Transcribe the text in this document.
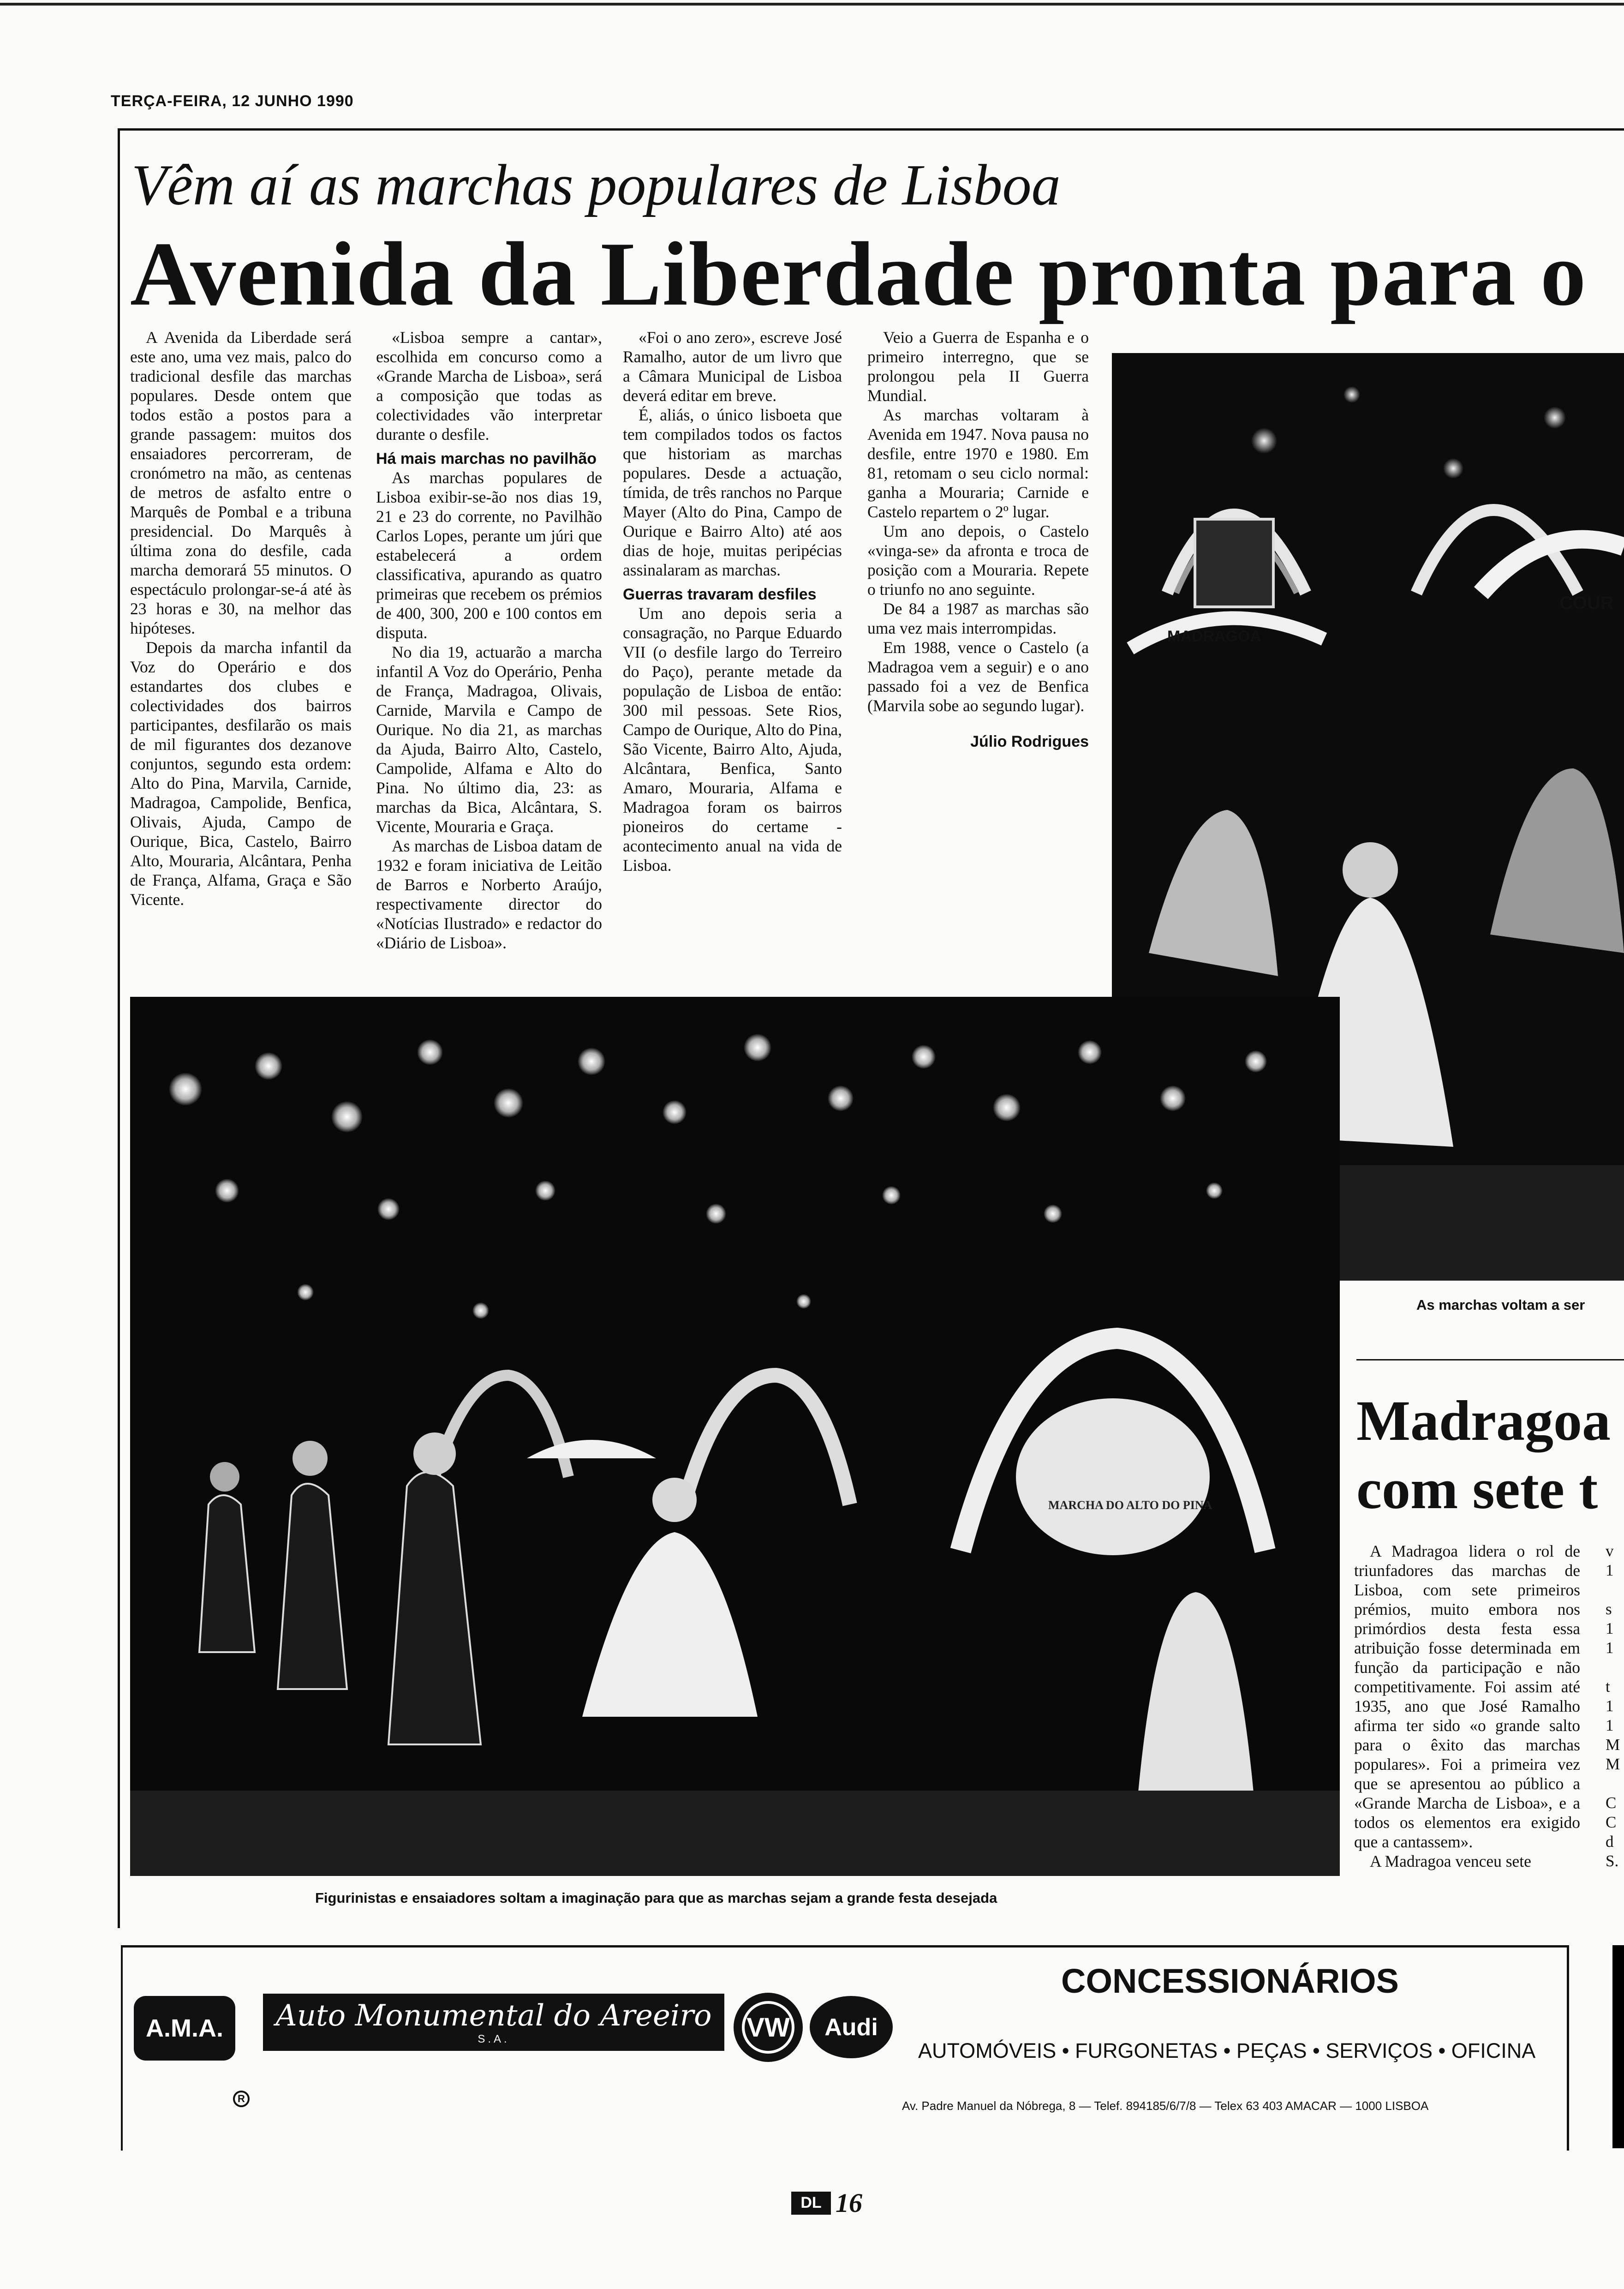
TERÇA-FEIRA, 12 JUNHO 1990
Vêm aí as marchas populares de Lisboa
Avenida da Liberdade pronta para o

A Avenida da Liberdade será este ano, uma vez mais, palco do tradicional desfile das marchas populares. Desde ontem que todos estão a postos para a grande passagem: muitos dos ensaiadores percorreram, de cronómetro na mão, as centenas de metros de asfalto entre o Marquês de Pombal e a tribuna presidencial. Do Marquês à última zona do desfile, cada marcha demorará 55 minutos. O espectáculo prolongar-se-á até às 23 horas e 30, na melhor das hipóteses.

Depois da marcha infantil da Voz do Operário e dos estandartes dos clubes e colectividades dos bairros participantes, desfilarão os mais de mil figurantes dos dezanove conjuntos, segundo esta ordem: Alto do Pina, Marvila, Carnide, Madragoa, Campolide, Benfica, Olivais, Ajuda, Campo de Ourique, Bica, Castelo, Bairro Alto, Mouraria, Alcântara, Penha de França, Alfama, Graça e São Vicente.

«Lisboa sempre a cantar», escolhida em concurso como a «Grande Marcha de Lisboa», será a composição que todas as colectividades vão interpretar durante o desfile.

Há mais marchas no pavilhão

As marchas populares de Lisboa exibir-se-ão nos dias 19, 21 e 23 do corrente, no Pavilhão Carlos Lopes, perante um júri que estabelecerá a ordem classificativa, apurando as quatro primeiras que recebem os prémios de 400, 300, 200 e 100 contos em disputa.

No dia 19, actuarão a marcha infantil A Voz do Operário, Penha de França, Madragoa, Olivais, Carnide, Marvila e Campo de Ourique. No dia 21, as marchas da Ajuda, Bairro Alto, Castelo, Campolide, Alfama e Alto do Pina. No último dia, 23: as marchas da Bica, Alcântara, S. Vicente, Mouraria e Graça.

As marchas de Lisboa datam de 1932 e foram iniciativa de Leitão de Barros e Norberto Araújo, respectivamente director do «Notícias Ilustrado» e redactor do «Diário de Lisboa».

«Foi o ano zero», escreve José Ramalho, autor de um livro que a Câmara Municipal de Lisboa deverá editar em breve.

É, aliás, o único lisboeta que tem compilados todos os factos que historiam as marchas populares. Desde a actuação, tímida, de três ranchos no Parque Mayer (Alto do Pina, Campo de Ourique e Bairro Alto) até aos dias de hoje, muitas peripécias assinalaram as marchas.

Guerras travaram desfiles

Um ano depois seria a consagração, no Parque Eduardo VII (o desfile largo do Terreiro do Paço), perante metade da população de Lisboa de então: 300 mil pessoas. Sete Rios, Campo de Ourique, Alto do Pina, São Vicente, Bairro Alto, Ajuda, Alcântara, Benfica, Santo Amaro, Mouraria, Alfama e Madragoa foram os bairros pioneiros do certame - acontecimento anual na vida de Lisboa.

Veio a Guerra de Espanha e o primeiro interregno, que se prolongou pela II Guerra Mundial.

As marchas voltaram à Avenida em 1947. Nova pausa no desfile, entre 1970 e 1980. Em 81, retomam o seu ciclo normal: ganha a Mouraria; Carnide e Castelo repartem o 2º lugar.

Um ano depois, o Castelo «vinga-se» da afronta e troca de posição com a Mouraria. Repete o triunfo no ano seguinte.

De 84 a 1987 as marchas são uma vez mais interrompidas.

Em 1988, vence o Castelo (a Madragoa vem a seguir) e o ano passado foi a vez de Benfica (Marvila sobe ao segundo lugar).

Júlio Rodrigues
MADRAGOA
COUR
As marchas voltam a ser
MARCHA DO ALTO DO PINA
Figurinistas e ensaiadores soltam a imaginação para que as marchas sejam a grande festa desejada
Madragoa
com sete t

A Madragoa lidera o rol de triunfadores das marchas de Lisboa, com sete primeiros prémios, muito embora nos primórdios desta festa essa atribuição fosse determinada em função da participação e não competitivamente. Foi assim até 1935, ano que José Ramalho afirma ter sido «o grande salto para o êxito das marchas populares». Foi a primeira vez que se apresentou ao público a «Grande Marcha de Lisboa», e a todos os elementos era exigido que a cantassem».

A Madragoa venceu sete

v
1

s
1
1

t
1
1
M
M

C
C
d
S.
A.M.A.	Auto Monumental do Areeiro
S.A.	VW	Audi
R
CONCESSIONÁRIOS
AUTOMÓVEIS • FURGONETAS • PEÇAS • SERVIÇOS • OFICINA
Av. Padre Manuel da Nóbrega, 8 — Telef. 894185/6/7/8 — Telex 63 403 AMACAR — 1000 LISBOA
DL 16
